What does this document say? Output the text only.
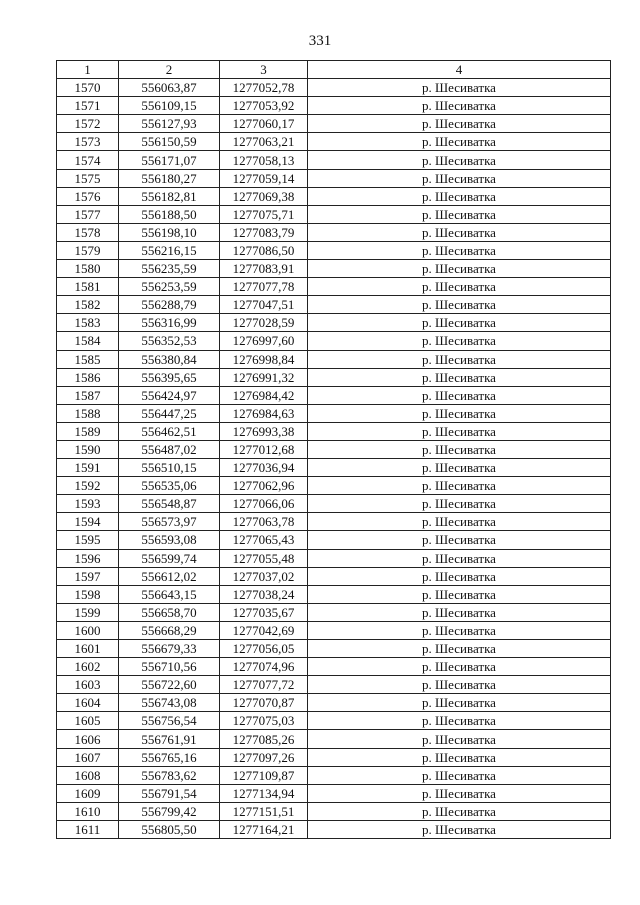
331
1	2	3	4
1570	556063,87	1277052,78	р. Шесиватка
1571	556109,15	1277053,92	р. Шесиватка
1572	556127,93	1277060,17	р. Шесиватка
1573	556150,59	1277063,21	р. Шесиватка
1574	556171,07	1277058,13	р. Шесиватка
1575	556180,27	1277059,14	р. Шесиватка
1576	556182,81	1277069,38	р. Шесиватка
1577	556188,50	1277075,71	р. Шесиватка
1578	556198,10	1277083,79	р. Шесиватка
1579	556216,15	1277086,50	р. Шесиватка
1580	556235,59	1277083,91	р. Шесиватка
1581	556253,59	1277077,78	р. Шесиватка
1582	556288,79	1277047,51	р. Шесиватка
1583	556316,99	1277028,59	р. Шесиватка
1584	556352,53	1276997,60	р. Шесиватка
1585	556380,84	1276998,84	р. Шесиватка
1586	556395,65	1276991,32	р. Шесиватка
1587	556424,97	1276984,42	р. Шесиватка
1588	556447,25	1276984,63	р. Шесиватка
1589	556462,51	1276993,38	р. Шесиватка
1590	556487,02	1277012,68	р. Шесиватка
1591	556510,15	1277036,94	р. Шесиватка
1592	556535,06	1277062,96	р. Шесиватка
1593	556548,87	1277066,06	р. Шесиватка
1594	556573,97	1277063,78	р. Шесиватка
1595	556593,08	1277065,43	р. Шесиватка
1596	556599,74	1277055,48	р. Шесиватка
1597	556612,02	1277037,02	р. Шесиватка
1598	556643,15	1277038,24	р. Шесиватка
1599	556658,70	1277035,67	р. Шесиватка
1600	556668,29	1277042,69	р. Шесиватка
1601	556679,33	1277056,05	р. Шесиватка
1602	556710,56	1277074,96	р. Шесиватка
1603	556722,60	1277077,72	р. Шесиватка
1604	556743,08	1277070,87	р. Шесиватка
1605	556756,54	1277075,03	р. Шесиватка
1606	556761,91	1277085,26	р. Шесиватка
1607	556765,16	1277097,26	р. Шесиватка
1608	556783,62	1277109,87	р. Шесиватка
1609	556791,54	1277134,94	р. Шесиватка
1610	556799,42	1277151,51	р. Шесиватка
1611	556805,50	1277164,21	р. Шесиватка
